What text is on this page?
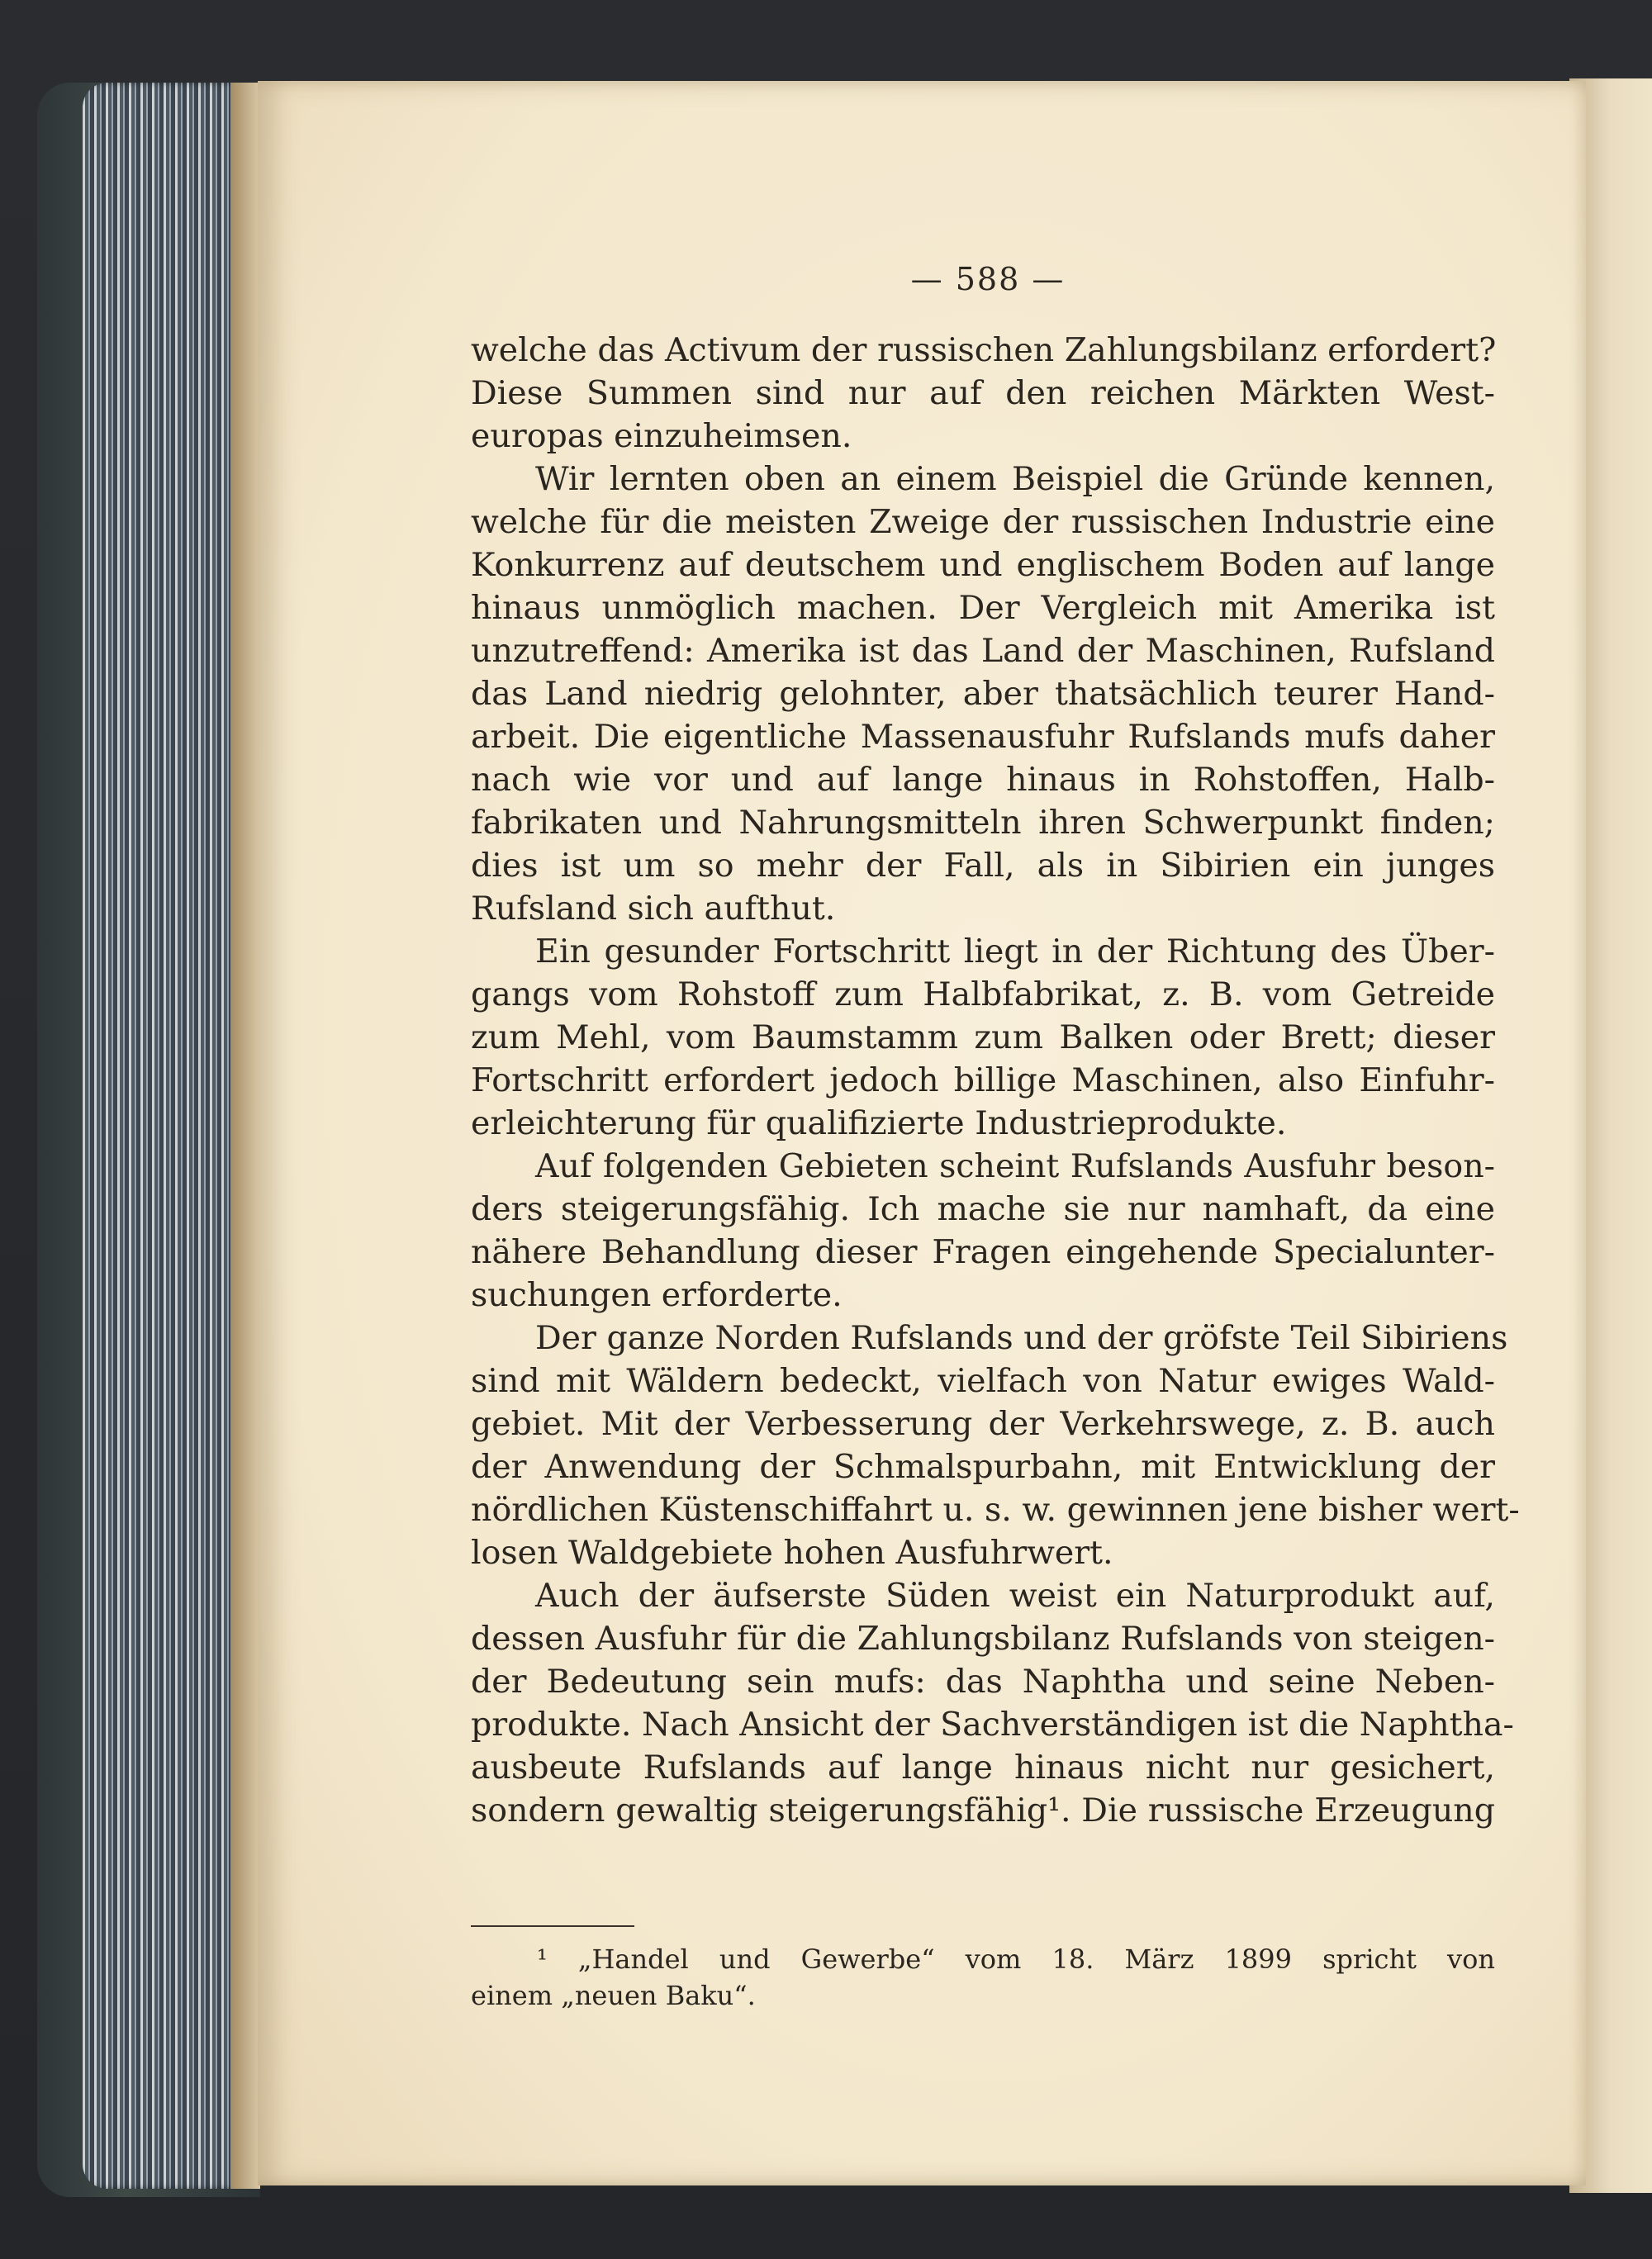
— 588 —
welche das Activum der russischen Zahlungsbilanz erfordert?
Diese Summen sind nur auf den reichen Märkten West-
europas einzuheimsen.
Wir lernten oben an einem Beispiel die Gründe kennen,
welche für die meisten Zweige der russischen Industrie eine
Konkurrenz auf deutschem und englischem Boden auf lange
hinaus unmöglich machen. Der Vergleich mit Amerika ist
unzutreffend: Amerika ist das Land der Maschinen, Rufsland
das Land niedrig gelohnter, aber thatsächlich teurer Hand-
arbeit. Die eigentliche Massenausfuhr Rufslands mufs daher
nach wie vor und auf lange hinaus in Rohstoffen, Halb-
fabrikaten und Nahrungsmitteln ihren Schwerpunkt finden;
dies ist um so mehr der Fall, als in Sibirien ein junges
Rufsland sich aufthut.
Ein gesunder Fortschritt liegt in der Richtung des Über-
gangs vom Rohstoff zum Halbfabrikat, z. B. vom Getreide
zum Mehl, vom Baumstamm zum Balken oder Brett; dieser
Fortschritt erfordert jedoch billige Maschinen, also Einfuhr-
erleichterung für qualifizierte Industrieprodukte.
Auf folgenden Gebieten scheint Rufslands Ausfuhr beson-
ders steigerungsfähig. Ich mache sie nur namhaft, da eine
nähere Behandlung dieser Fragen eingehende Specialunter-
suchungen erforderte.
Der ganze Norden Rufslands und der gröfste Teil Sibiriens
sind mit Wäldern bedeckt, vielfach von Natur ewiges Wald-
gebiet. Mit der Verbesserung der Verkehrswege, z. B. auch
der Anwendung der Schmalspurbahn, mit Entwicklung der
nördlichen Küstenschiffahrt u. s. w. gewinnen jene bisher wert-
losen Waldgebiete hohen Ausfuhrwert.
Auch der äufserste Süden weist ein Naturprodukt auf,
dessen Ausfuhr für die Zahlungsbilanz Rufslands von steigen-
der Bedeutung sein mufs: das Naphtha und seine Neben-
produkte. Nach Ansicht der Sachverständigen ist die Naphtha-
ausbeute Rufslands auf lange hinaus nicht nur gesichert,
sondern gewaltig steigerungsfähig¹. Die russische Erzeugung
¹ „Handel und Gewerbe“ vom 18. März 1899 spricht von
einem „neuen Baku“.
